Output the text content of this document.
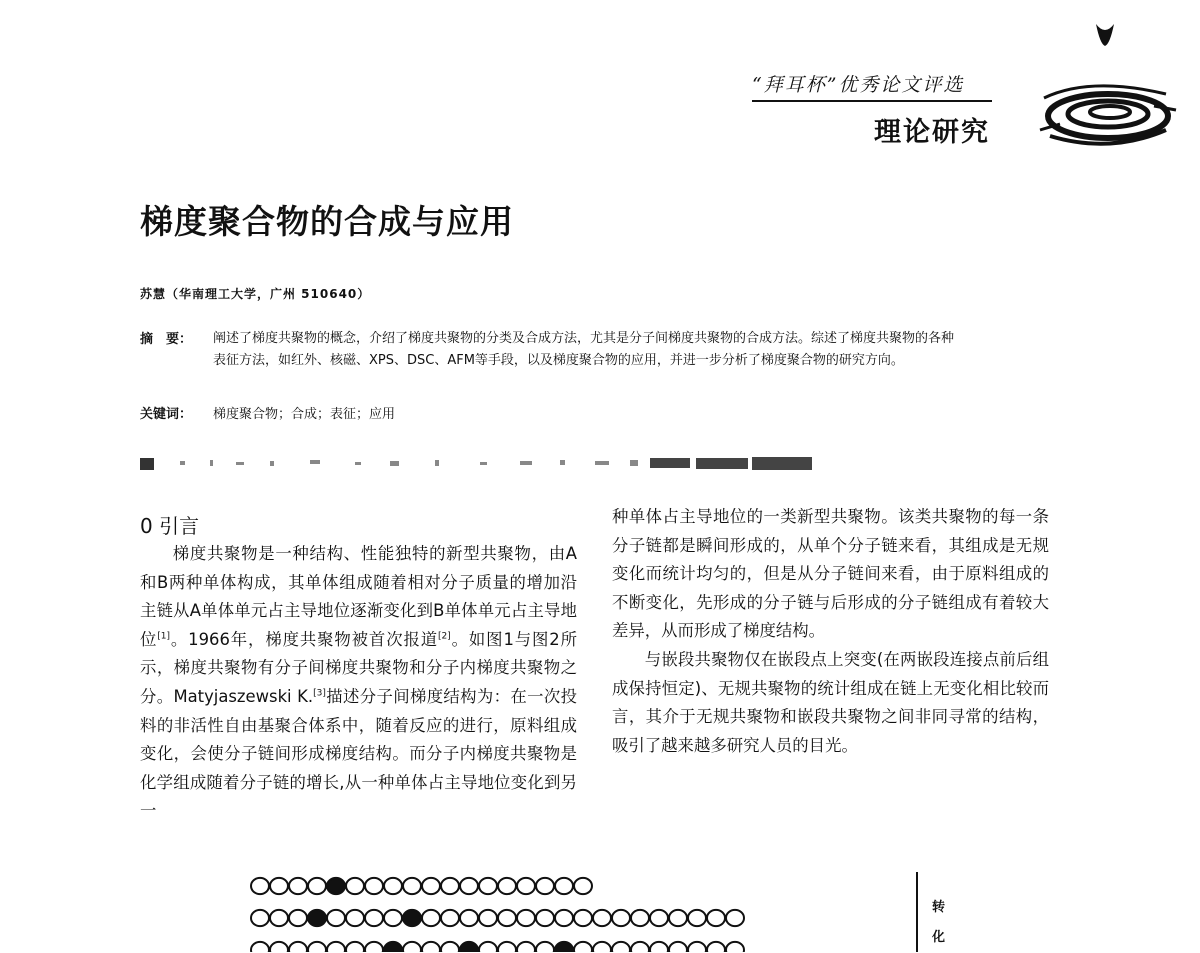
“拜耳杯”优秀论文评选
理论研究
梯度聚合物的合成与应用
苏慧（华南理工大学，广州 510640）
摘　要： 阐述了梯度共聚物的概念，介绍了梯度共聚物的分类及合成方法，尤其是分子间梯度共聚物的合成方法。综述了梯度共聚物的各种表征方法，如红外、核磁、XPS、DSC、AFM等手段，以及梯度聚合物的应用，并进一步分析了梯度聚合物的研究方向。
关键词： 梯度聚合物；合成；表征；应用
0 引言
梯度共聚物是一种结构、性能独特的新型共聚物，由A和B两种单体构成，其单体组成随着相对分子质量的增加沿主链从A单体单元占主导地位逐渐变化到B单体单元占主导地位[1]。1966年，梯度共聚物被首次报道[2]。如图1与图2所示，梯度共聚物有分子间梯度共聚物和分子内梯度共聚物之分。Matyjaszewski K.[3]描述分子间梯度结构为：在一次投料的非活性自由基聚合体系中，随着反应的进行，原料组成变化，会使分子链间形成梯度结构。而分子内梯度共聚物是化学组成随着分子链的增长,从一种单体占主导地位变化到另一

种单体占主导地位的一类新型共聚物。该类共聚物的每一条分子链都是瞬间形成的，从单个分子链来看，其组成是无规变化而统计均匀的，但是从分子链间来看，由于原料组成的不断变化，先形成的分子链与后形成的分子链组成有着较大差异，从而形成了梯度结构。

与嵌段共聚物仅在嵌段点上突变(在两嵌段连接点前后组成保持恒定)、无规共聚物的统计组成在链上无变化相比较而言，其介于无规共聚物和嵌段共聚物之间非同寻常的结构，吸引了越来越多研究人员的目光。

转化
